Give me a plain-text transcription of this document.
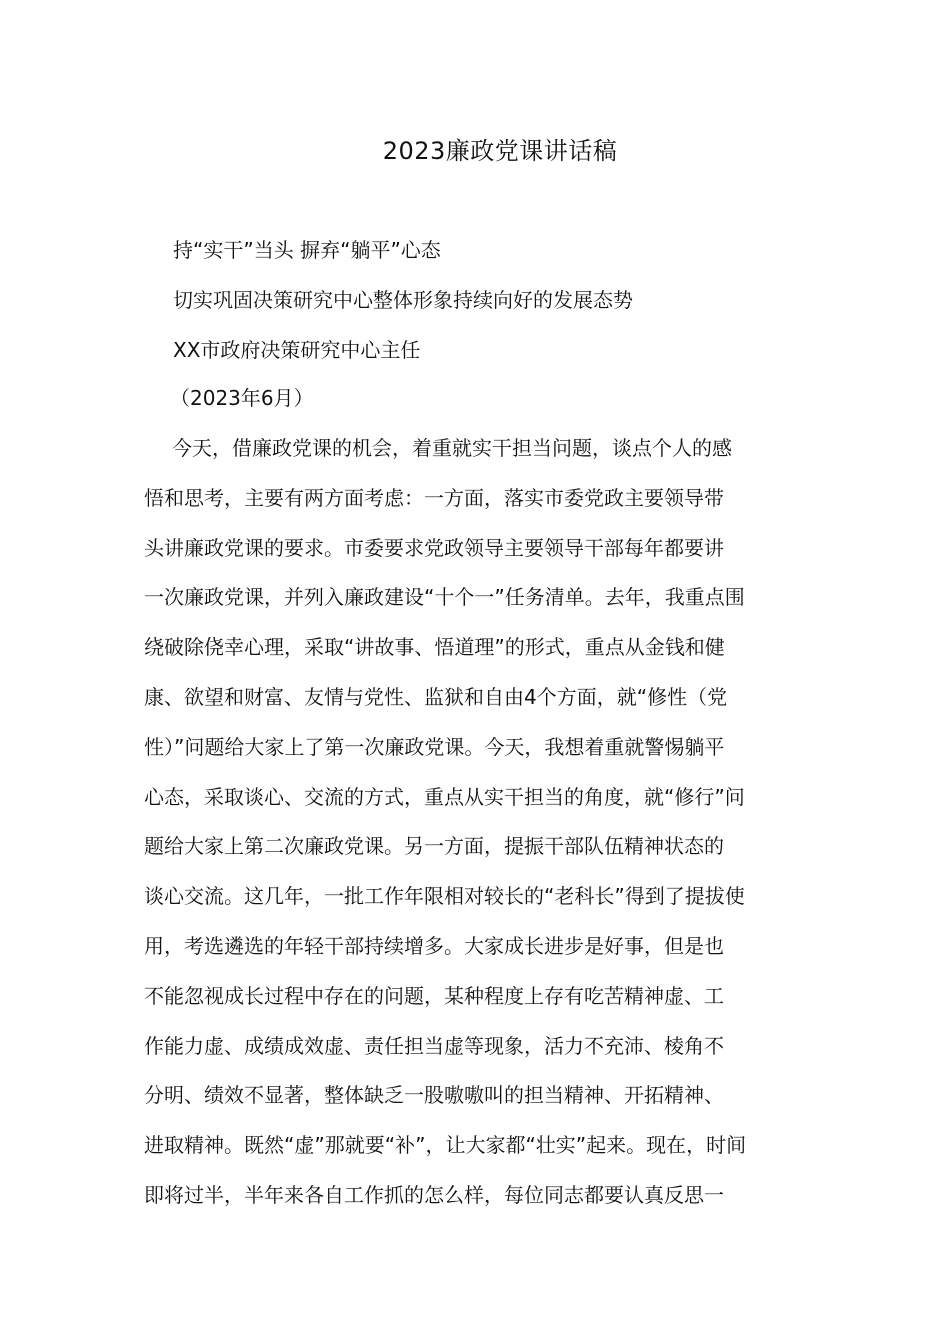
2023廉政党课讲话稿
持“实干”当头 摒弃“躺平”心态
切实巩固决策研究中心整体形象持续向好的发展态势
XX市政府决策研究中心主任
（2023年6月）
今天，借廉政党课的机会，着重就实干担当问题，谈点个人的感
悟和思考，主要有两方面考虑：一方面，落实市委党政主要领导带
头讲廉政党课的要求。市委要求党政领导主要领导干部每年都要讲
一次廉政党课，并列入廉政建设“十个一”任务清单。去年，我重点围
绕破除侥幸心理，采取“讲故事、悟道理”的形式，重点从金钱和健
康、欲望和财富、友情与党性、监狱和自由4个方面，就“修性（党
性）”问题给大家上了第一次廉政党课。今天，我想着重就警惕躺平
心态，采取谈心、交流的方式，重点从实干担当的角度，就“修行”问
题给大家上第二次廉政党课。另一方面，提振干部队伍精神状态的
谈心交流。这几年，一批工作年限相对较长的“老科长”得到了提拔使
用，考选遴选的年轻干部持续增多。大家成长进步是好事，但是也
不能忽视成长过程中存在的问题，某种程度上存有吃苦精神虚、工
作能力虚、成绩成效虚、责任担当虚等现象，活力不充沛、棱角不
分明、绩效不显著，整体缺乏一股嗷嗷叫的担当精神、开拓精神、
进取精神。既然“虚”那就要“补”，让大家都“壮实”起来。现在，时间
即将过半，半年来各自工作抓的怎么样，每位同志都要认真反思一
